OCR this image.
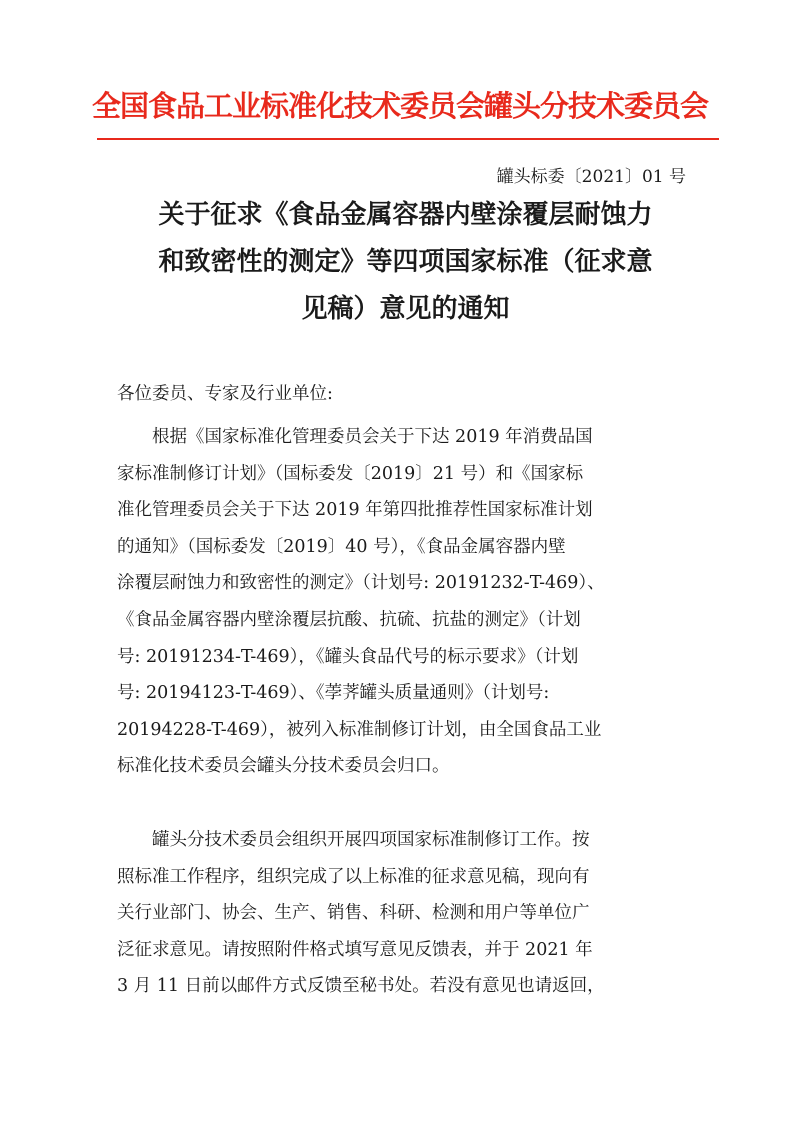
全国食品工业标准化技术委员会罐头分技术委员会
罐头标委〔2021〕01 号
关于征求《食品金属容器内壁涂覆层耐蚀力
和致密性的测定》等四项国家标准（征求意
见稿）意见的通知
各位委员、专家及行业单位:
根据《国家标准化管理委员会关于下达 2019 年消费品国
家标准制修订计划》（国标委发〔2019〕21 号）和《国家标
准化管理委员会关于下达 2019 年第四批推荐性国家标准计划
的通知》（国标委发〔2019〕40 号），《食品金属容器内壁
涂覆层耐蚀力和致密性的测定》（计划号: 20191232-T-469）、
《食品金属容器内壁涂覆层抗酸、抗硫、抗盐的测定》（计划
号: 20191234-T-469），《罐头食品代号的标示要求》（计划
号: 20194123-T-469）、《荸荠罐头质量通则》（计划号:
20194228-T-469），被列入标准制修订计划，由全国食品工业
标准化技术委员会罐头分技术委员会归口。
罐头分技术委员会组织开展四项国家标准制修订工作。按
照标准工作程序，组织完成了以上标准的征求意见稿，现向有
关行业部门、协会、生产、销售、科研、检测和用户等单位广
泛征求意见。请按照附件格式填写意见反馈表，并于 2021 年
3 月 11 日前以邮件方式反馈至秘书处。若没有意见也请返回，
